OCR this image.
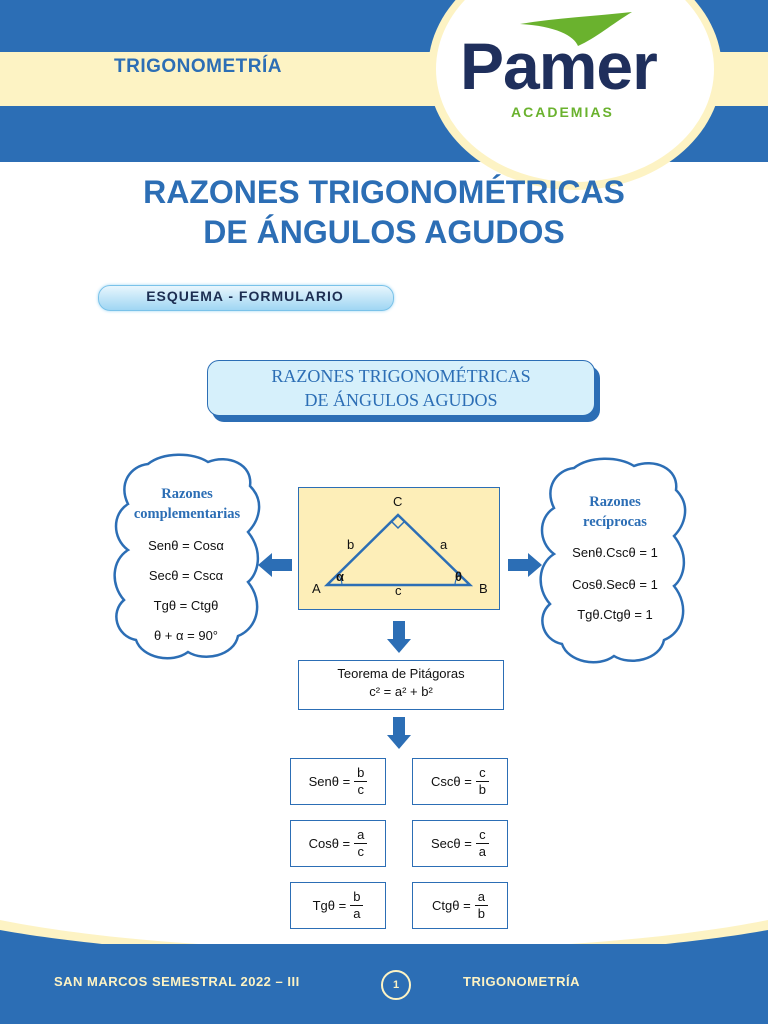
TRIGONOMETRÍA	Pamer
ACADEMIAS
RAZONES TRIGONOMÉTRICAS
DE ÁNGULOS AGUDOS
ESQUEMA - FORMULARIO
RAZONES TRIGONOMÉTRICAS
DE ÁNGULOS AGUDOS
Razones
complementarias
Senθ = Cosα
Secθ = Cscα
Tgθ = Ctgθ
θ + α = 90°
Razones
recíprocas
Senθ.Cscθ = 1
Cosθ.Secθ = 1
Tgθ.Ctgθ = 1
C
A	B
b	a
c
α	θ
Teorema de Pitágoras
c² = a² + b²
$Sen\theta = \frac{b}{c}$	$Csc\theta = \frac{c}{b}$
$Cos\theta = \frac{a}{c}$	$Sec\theta = \frac{c}{a}$
$Tg\theta = \frac{b}{a}$	$Ctg\theta = \frac{a}{b}$
SAN MARCOS SEMESTRAL 2022 – III	1	TRIGONOMETRÍA
